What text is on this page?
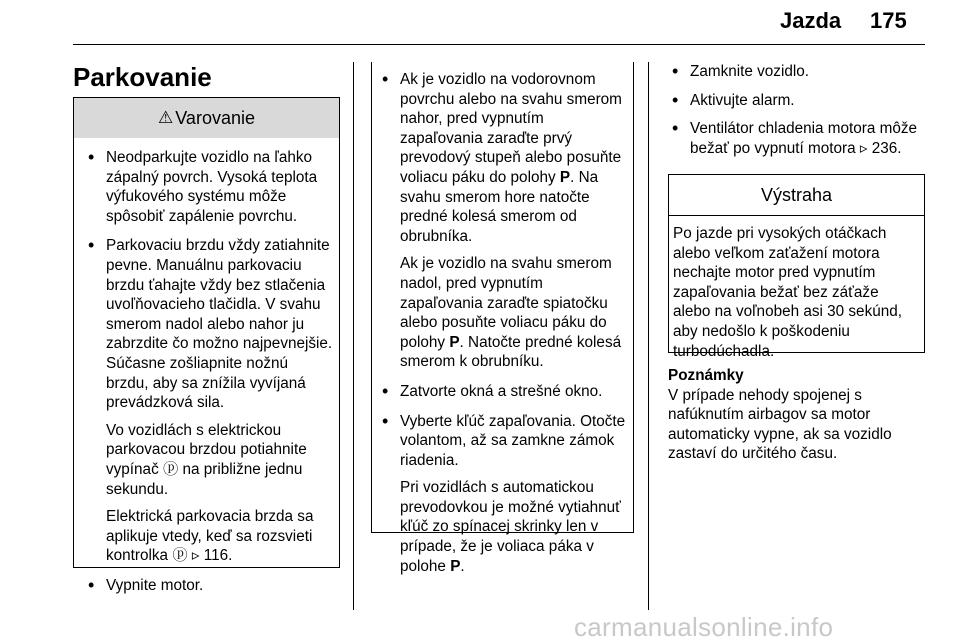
Jazda 175
Parkovanie
⚠ Varovanie
• Neodparkujte vozidlo na ľahko zápalný povrch. Vysoká teplota výfukového systému môže spôsobiť zapálenie povrchu.
• Parkovaciu brzdu vždy zatiahnite pevne. Manuálnu parkovaciu brzdu ťahajte vždy bez stlačenia uvoľňovacieho tlačidla. V svahu smerom nadol alebo nahor ju zabrzdite čo možno najpevnejšie. Súčasne zošliapnite nožnú brzdu, aby sa znížila vyvíjaná prevádzková sila.
Vo vozidlách s elektrickou parkovacou brzdou potiahnite vypínač ⓟ na približne jednu sekundu.
Elektrická parkovacia brzda sa aplikuje vtedy, keď sa rozsvieti kontrolka ⓟ ▹ 116.
• Vypnite motor.
• Ak je vozidlo na vodorovnom povrchu alebo na svahu smerom nahor, pred vypnutím zapaľovania zaraďte prvý prevodový stupeň alebo posuňte voliacu páku do polohy P. Na svahu smerom hore natočte predné kolesá smerom od obrubníka.
Ak je vozidlo na svahu smerom nadol, pred vypnutím zapaľovania zaraďte spiatočku alebo posuňte voliacu páku do polohy P. Natočte predné kolesá smerom k obrubníku.
• Zatvorte okná a strešné okno.
• Vyberte kľúč zapaľovania. Otočte volantom, až sa zamkne zámok riadenia.
Pri vozidlách s automatickou prevodovkou je možné vytiahnuť kľúč zo spínacej skrinky len v prípade, že je voliaca páka v polohe P.
• Zamknite vozidlo.
• Aktivujte alarm.
• Ventilátor chladenia motora môže bežať po vypnutí motora ▹ 236.
Výstraha
Po jazde pri vysokých otáčkach alebo veľkom zaťažení motora nechajte motor pred vypnutím zapaľovania bežať bez záťaže alebo na voľnobeh asi 30 sekúnd, aby nedošlo k poškodeniu turbodúchadla.
Poznámky
V prípade nehody spojenej s nafúknutím airbagov sa motor automaticky vypne, ak sa vozidlo zastaví do určitého času.
carmanualsonline.info
